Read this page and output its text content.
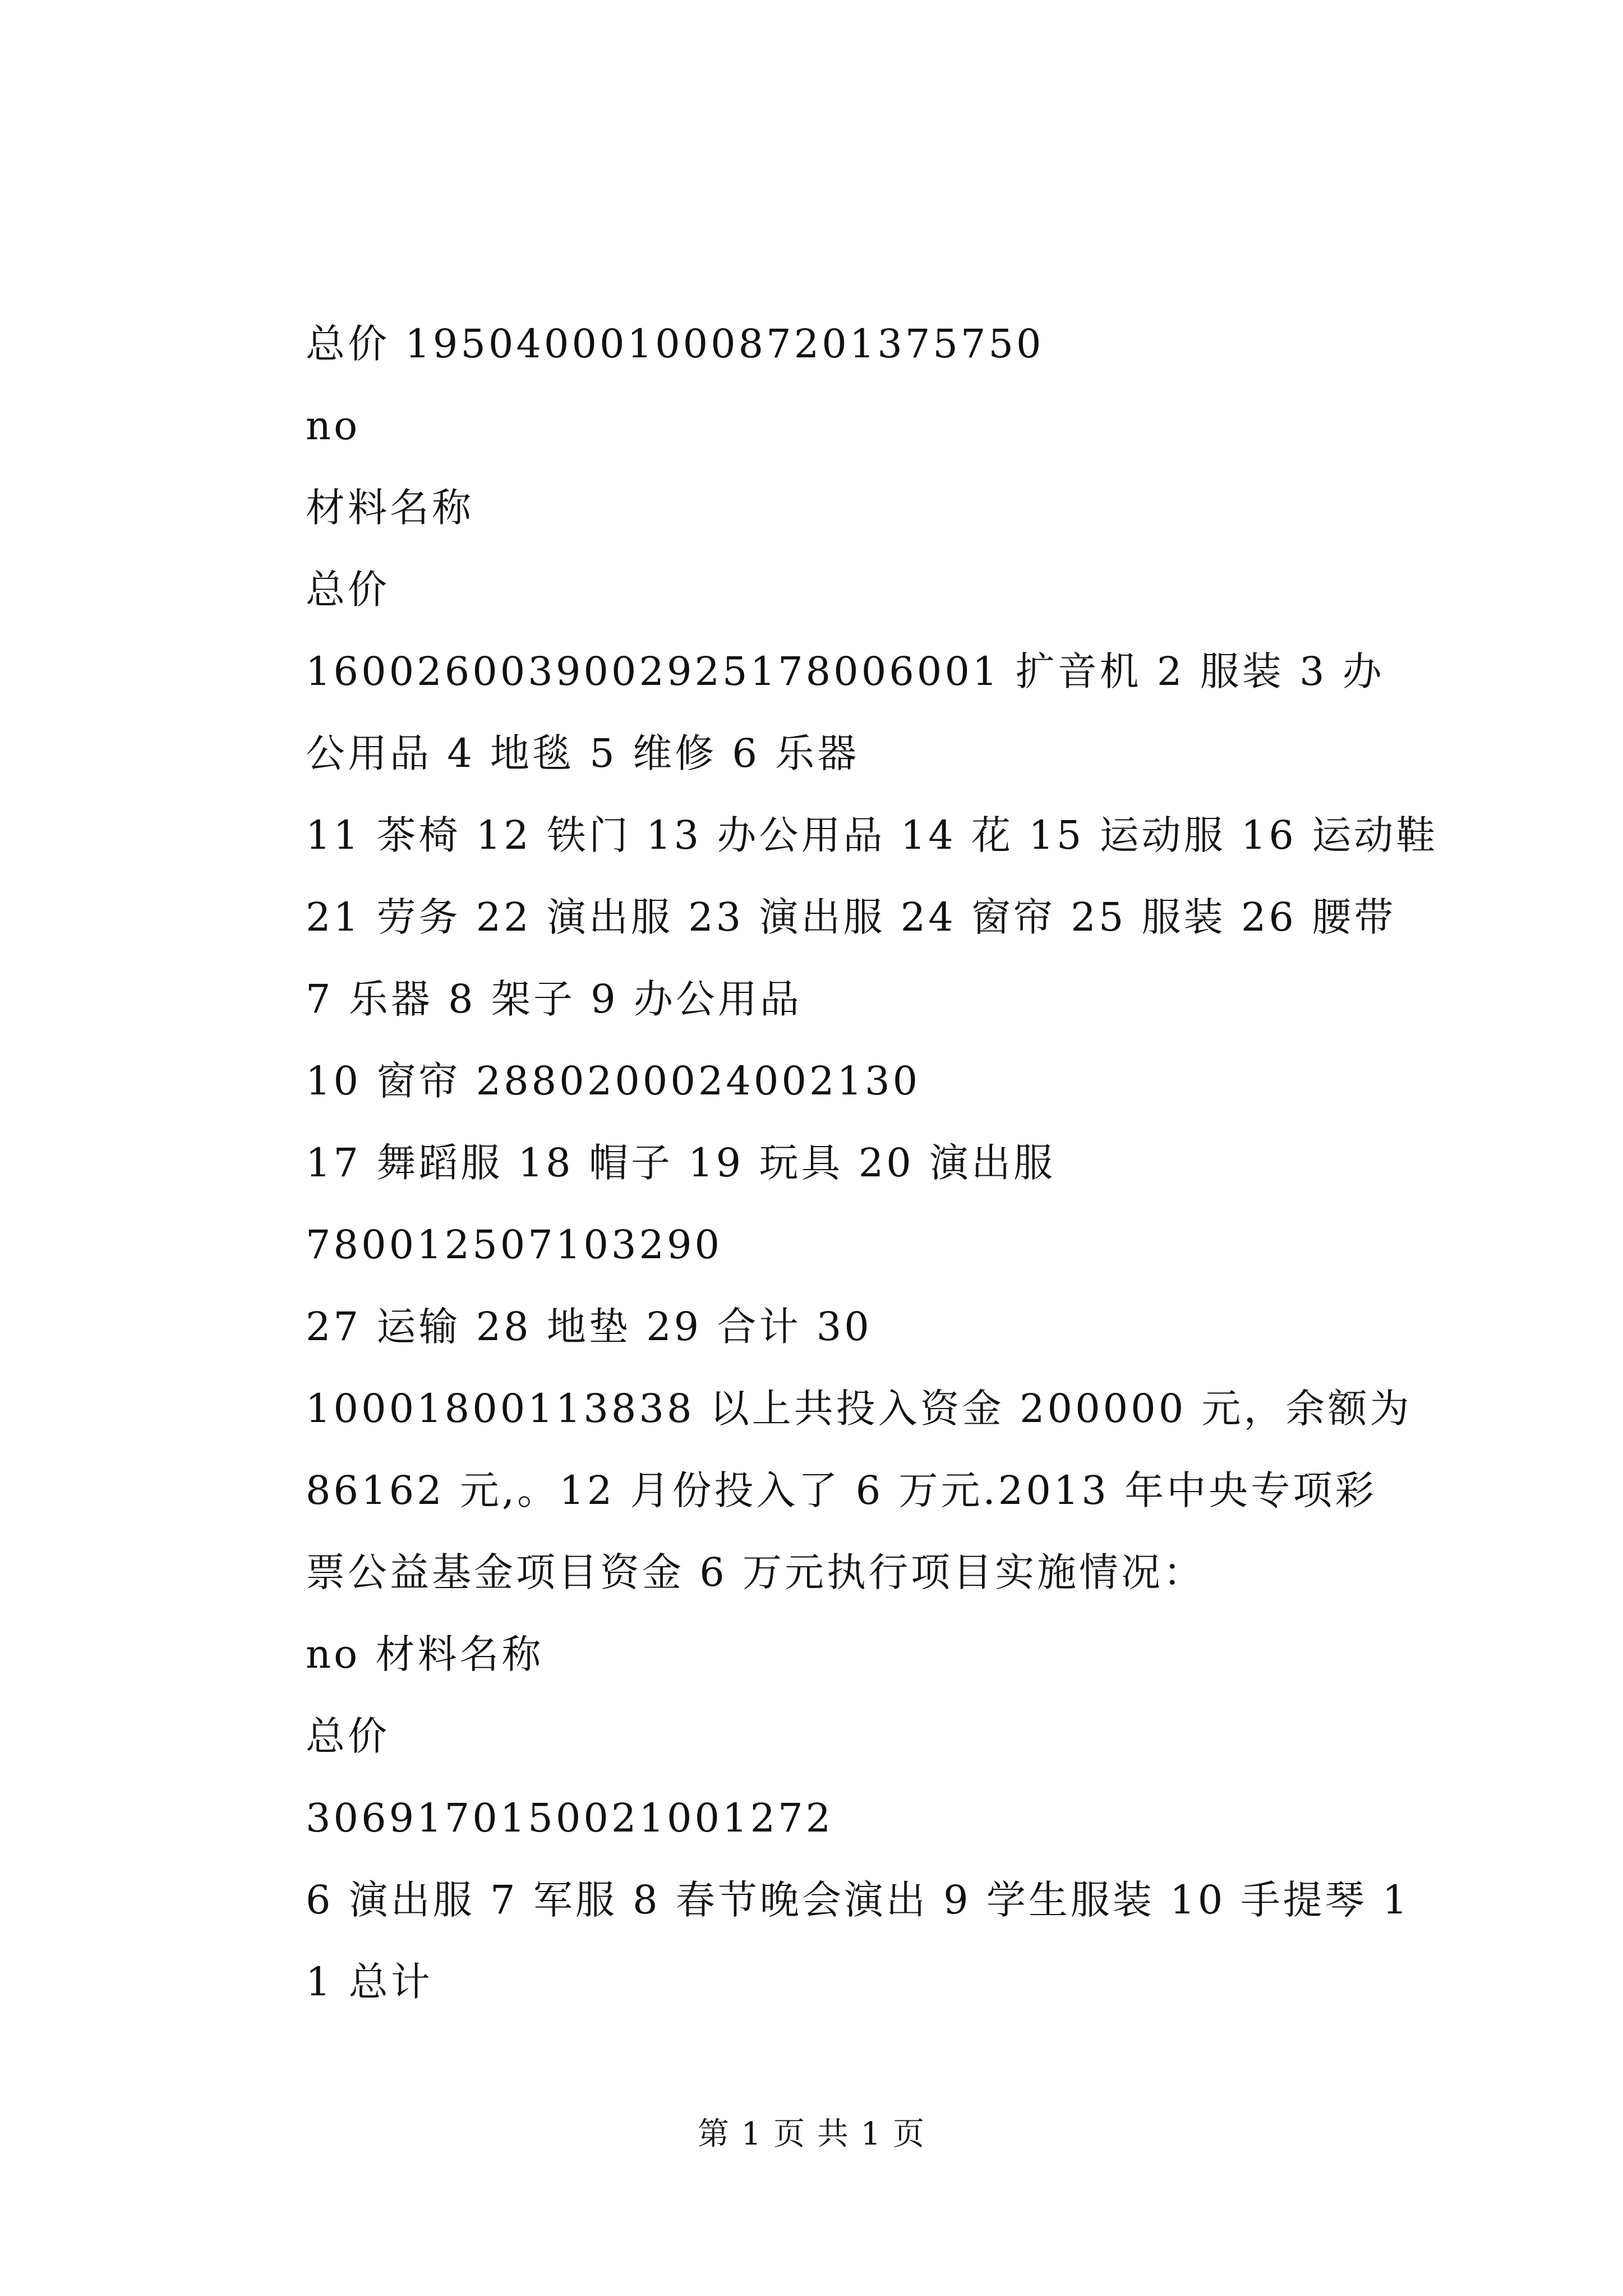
总价 19504000100087201375750
no
材料名称
总价
16002600390029251780060​01 扩音机 2 服装 3 办公用品 4 地毯 5 维修 6 乐器
11 茶椅 12 铁门 13 办公用品 14 花 15 运动服 16 运动鞋
21 劳务 22 演出服 23 演出服 24 窗帘 25 服装 26 腰带
7 乐器 8 架子 9 办公用品
10 窗帘 2880200024002130
17 舞蹈服 18 帽子 19 玩具 20 演出服
780012507103290
27 运输 28 地垫 29 合计 30
10001800113838 以上共投入资金 200000 元，余额为 86162 元,。12 月份投入了 6 万元.2013 年中央专项彩票公益基金项目资金 6 万元执行项目实施情况：
no 材料名称
总价
3069170150021001272
6 演出服 7 军服 8 春节晚会演出 9 学生服装 10 手提琴 11 总计
第 1 页 共 1 页
